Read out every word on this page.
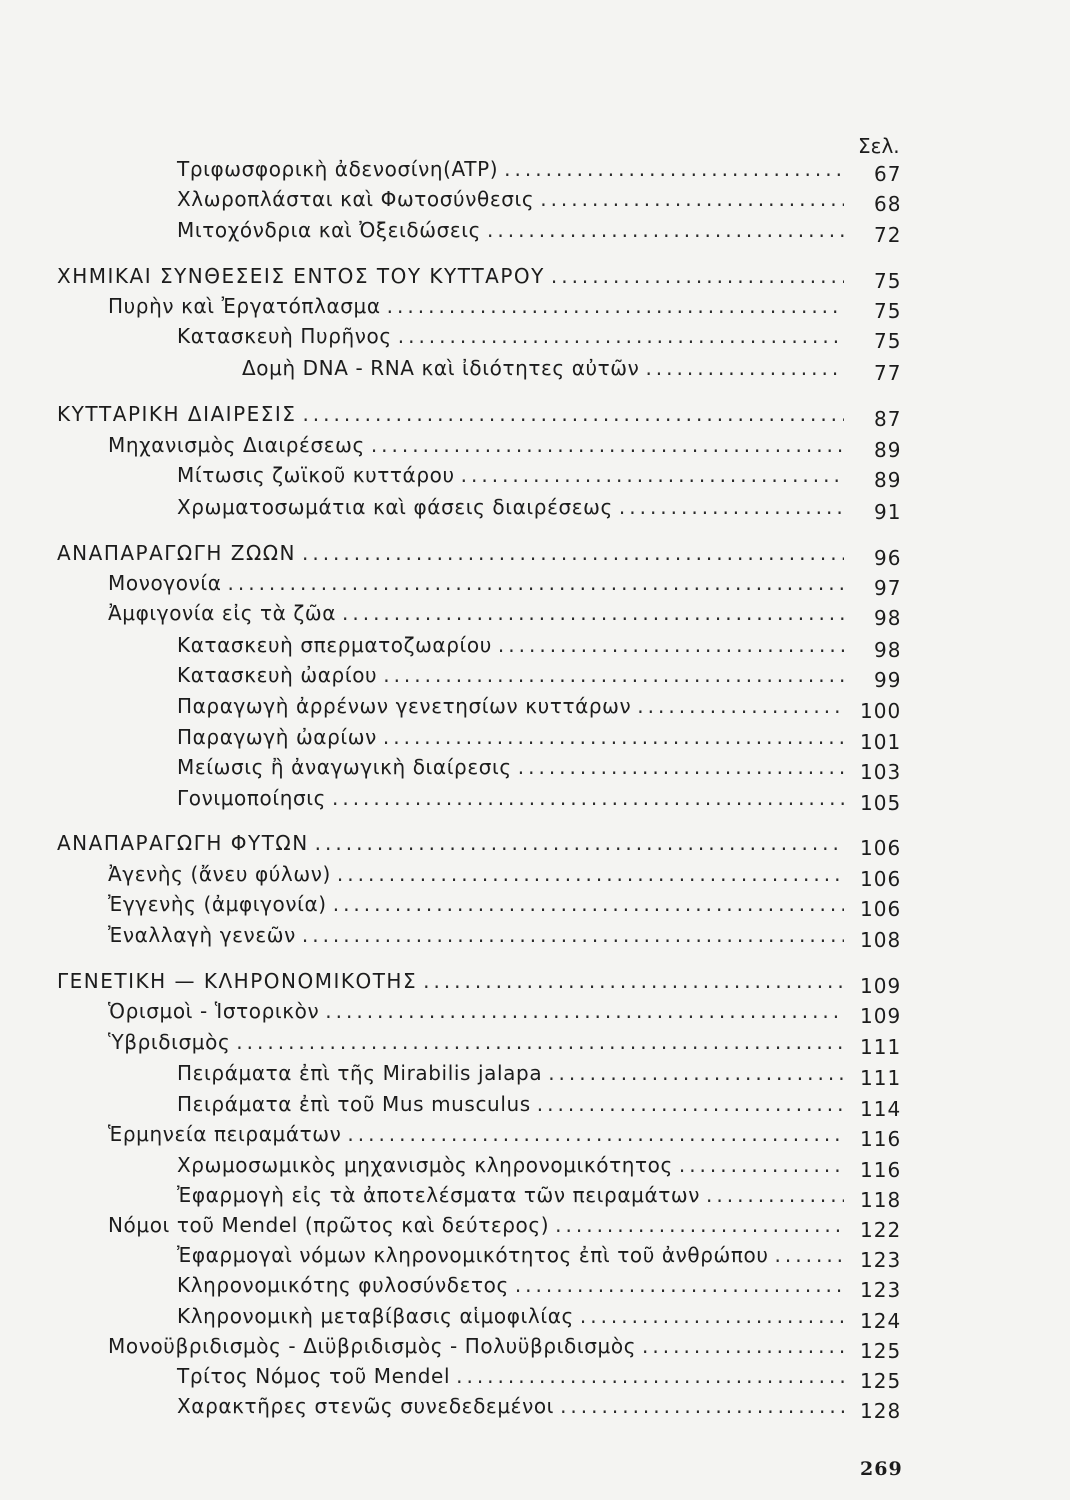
Σελ.
Τριφωσφορικὴ ἀδενοσίνη(ATP) .....	67
Χλωροπλάσται καὶ Φωτοσύνθεσις .....	68
Μιτοχόνδρια καὶ Ὀξειδώσεις .....	72
ΧΗΜΙΚΑΙ ΣΥΝΘΕΣΕΙΣ ΕΝΤΟΣ ΤΟΥ ΚΥΤΤΑΡΟΥ .....	75
Πυρὴν καὶ Ἐργατόπλασμα .....	75
Κατασκευὴ Πυρῆνος .....	75
Δομὴ DNA - RNA καὶ ἰδιότητες αὐτῶν .....	77
ΚΥΤΤΑΡΙΚΗ ΔΙΑΙΡΕΣΙΣ .....	87
Μηχανισμὸς Διαιρέσεως .....	89
Μίτωσις ζωϊκοῦ κυττάρου .....	89
Χρωματοσωμάτια καὶ φάσεις διαιρέσεως .....	91
ΑΝΑΠΑΡΑΓΩΓΗ ΖΩΩΝ .....	96
Μονογονία .....	97
Ἀμφιγονία εἰς τὰ ζῶα .....	98
Κατασκευὴ σπερματοζωαρίου .....	98
Κατασκευὴ ὠαρίου .....	99
Παραγωγὴ ἀρρένων γενετησίων κυττάρων .....	100
Παραγωγὴ ὠαρίων .....	101
Μείωσις ἢ ἀναγωγικὴ διαίρεσις .....	103
Γονιμοποίησις .....	105
ΑΝΑΠΑΡΑΓΩΓΗ ΦΥΤΩΝ .....	106
Ἀγενὴς (ἄνευ φύλων) .....	106
Ἐγγενὴς (ἀμφιγονία) .....	106
Ἐναλλαγὴ γενεῶν .....	108
ΓΕΝΕΤΙΚΗ — ΚΛΗΡΟΝΟΜΙΚΟΤΗΣ .....	109
Ὁρισμοὶ - Ἱστορικὸν .....	109
Ὑβριδισμὸς .....	111
Πειράματα ἐπὶ τῆς Mirabilis jalapa .....	111
Πειράματα ἐπὶ τοῦ Mus musculus .....	114
Ἑρμηνεία πειραμάτων .....	116
Χρωμοσωμικὸς μηχανισμὸς κληρονομικότητος .....	116
Ἐφαρμογὴ εἰς τὰ ἀποτελέσματα τῶν πειραμάτων .....	118
Νόμοι τοῦ Mendel (πρῶτος καὶ δεύτερος) .....	122
Ἐφαρμογαὶ νόμων κληρονομικότητος ἐπὶ τοῦ ἀνθρώπου .....	123
Κληρονομικότης φυλοσύνδετος .....	123
Κληρονομικὴ μεταβίβασις αἱμοφιλίας .....	124
Μονοϋβριδισμὸς - Διϋβριδισμὸς - Πολυϋβριδισμὸς .....	125
Τρίτος Νόμος τοῦ Mendel .....	125
Χαρακτῆρες στενῶς συνεδεδεμένοι .....	128
269
